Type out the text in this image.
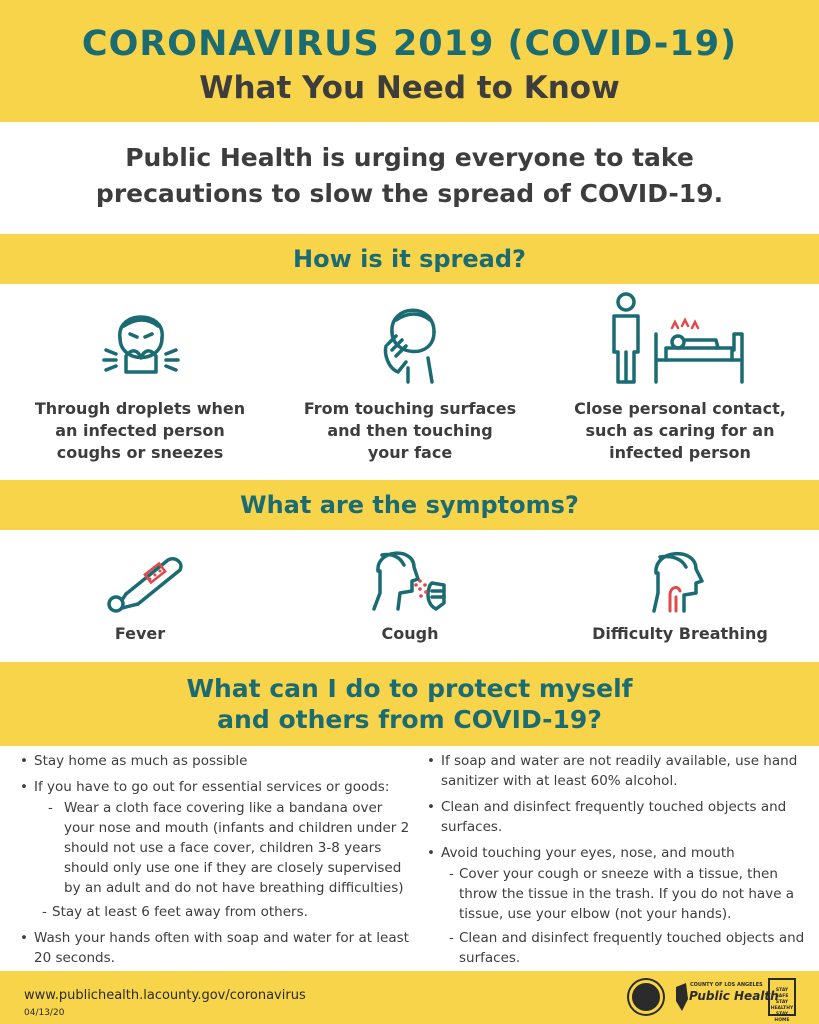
CORONAVIRUS 2019 (COVID-19)
What You Need to Know
Public Health is urging everyone to take
precautions to slow the spread of COVID-19.
How is it spread?
Through droplets when
an infected person
coughs or sneezes
From touching surfaces
and then touching
your face
Close personal contact,
such as caring for an
infected person
What are the symptoms?
Fever	Cough	Difficulty Breathing
What can I do to protect myself
and others from COVID-19?
• Stay home as much as possible
• If you have to go out for essential services or goods:
- Wear a cloth face covering like a bandana over your nose and mouth (infants and children under 2 should not use a face cover, children 3-8 years should only use one if they are closely supervised by an adult and do not have breathing difficulties)
- Stay at least 6 feet away from others.
• Wash your hands often with soap and water for at least 20 seconds.
• If soap and water are not readily available, use hand sanitizer with at least 60% alcohol.
• Clean and disinfect frequently touched objects and surfaces.
• Avoid touching your eyes, nose, and mouth
- Cover your cough or sneeze with a tissue, then throw the tissue in the trash. If you do not have a tissue, use your elbow (not your hands).
- Clean and disinfect frequently touched objects and surfaces.
www.publichealth.lacounty.gov/coronavirus
04/13/20
COUNTY OF LOS ANGELES
Public Health
STAY SAFE STAY HEALTHY STAY HOME
